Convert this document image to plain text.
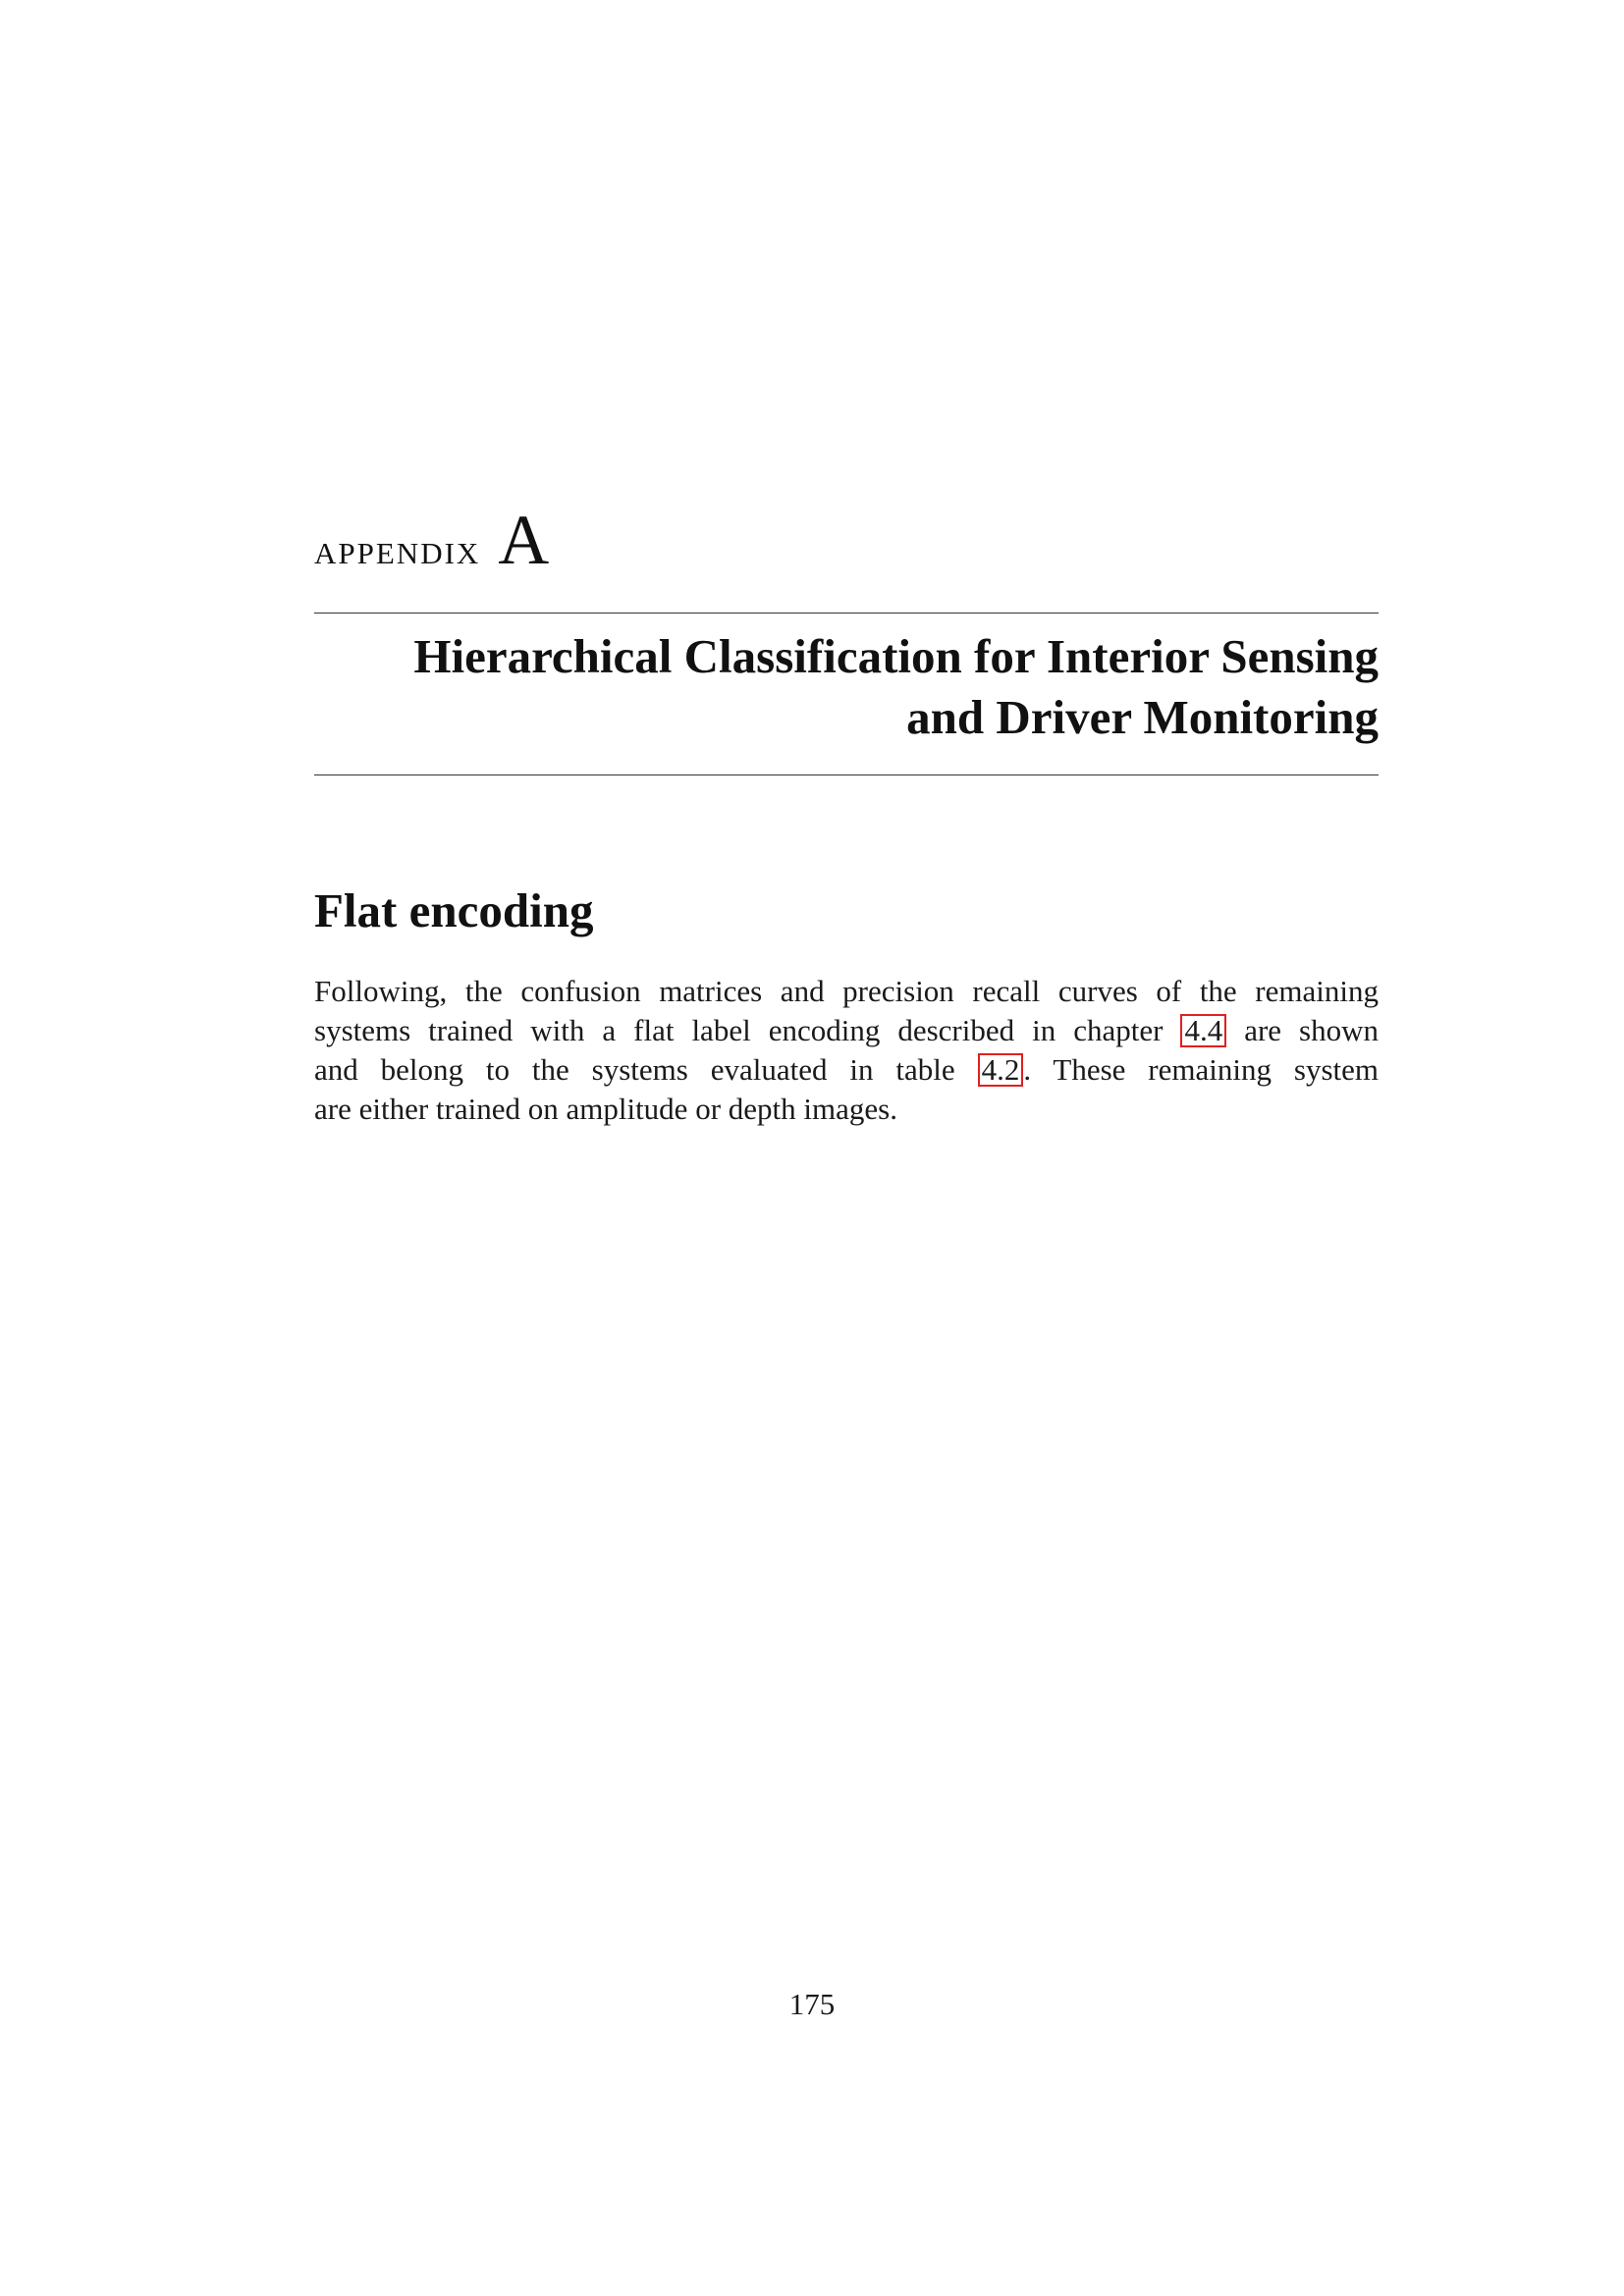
appendix A
Hierarchical Classification for Interior Sensing
and Driver Monitoring
Flat encoding

Following, the confusion matrices and precision recall curves of the remaining
systems trained with a flat label encoding described in chapter 4.4 are shown
and belong to the systems evaluated in table 4.2 . These remaining system
are either trained on amplitude or depth images.

175
